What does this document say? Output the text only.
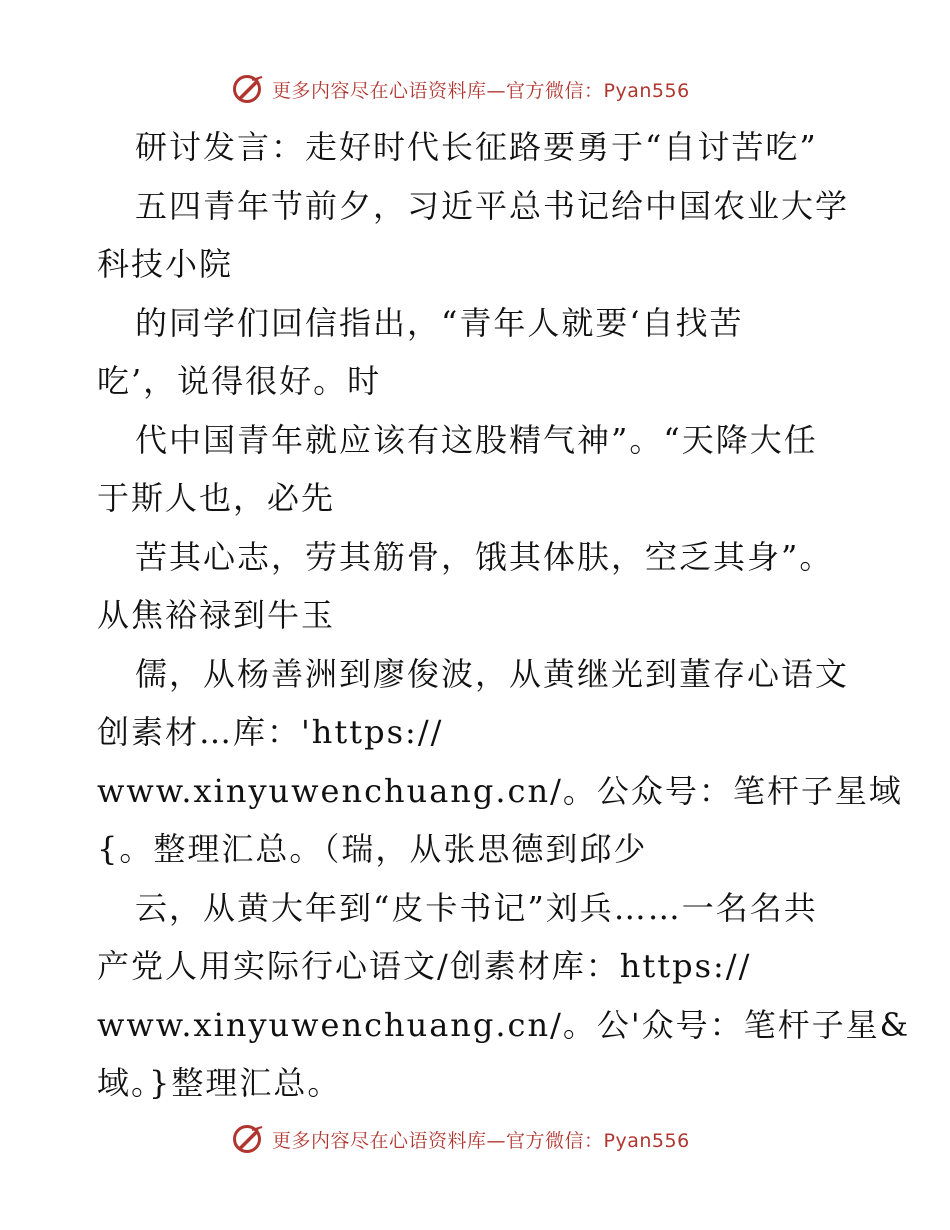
更多内容尽在心语资料库—官方微信：Pyan556
研讨发言：走好时代长征路要勇于“自讨苦吃”
五四青年节前夕，习近平总书记给中国农业大学
科技小院
的同学们回信指出，“青年人就要‘自找苦
吃’，说得很好。时
代中国青年就应该有这股精气神”。“天降大任
于斯人也，必先
苦其心志，劳其筋骨，饿其体肤，空乏其身”。
从焦裕禄到牛玉
儒，从杨善洲到廖俊波，从黄继光到董存心语文
创素材…库：'https://
www.xinyuwenchuang.cn/。公众号：笔杆子星域
{。整理汇总。（瑞，从张思德到邱少
云，从黄大年到“皮卡书记”刘兵……一名名共
产党人用实际行心语文/创素材库：https://
www.xinyuwenchuang.cn/。公'众号：笔杆子星&
域。}整理汇总。
更多内容尽在心语资料库—官方微信：Pyan556
